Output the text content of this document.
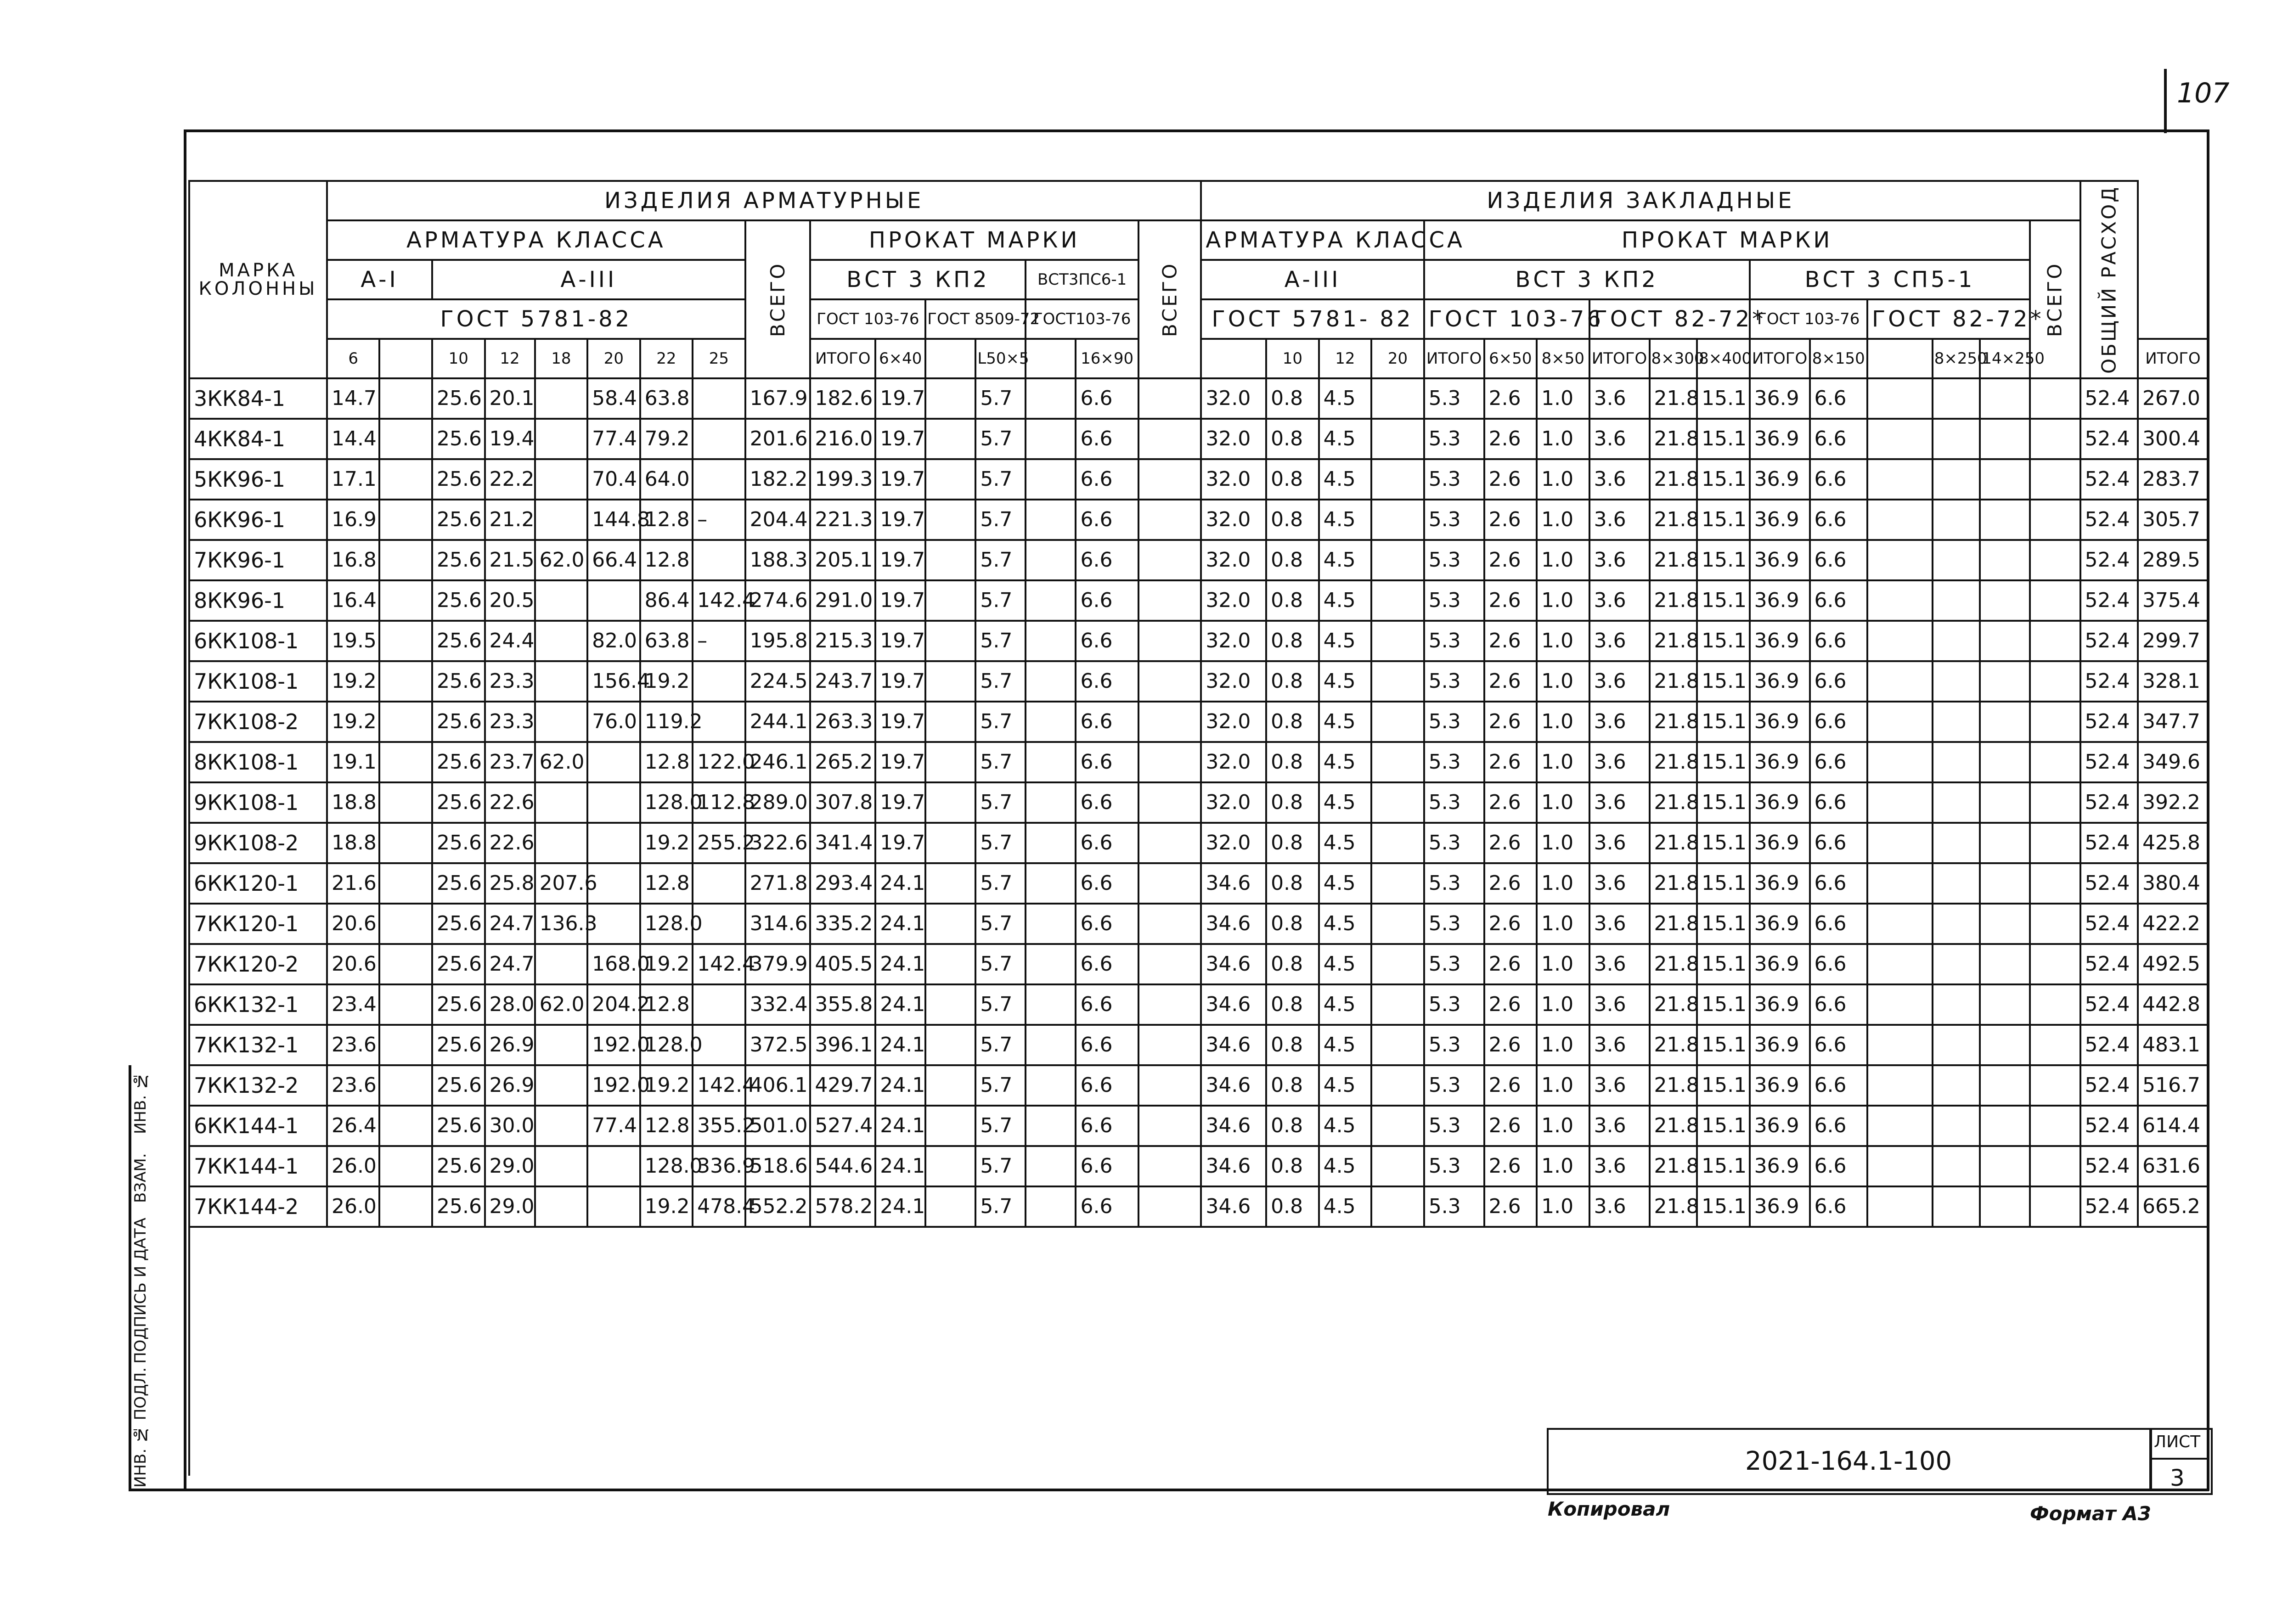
107
ИНВ. № ПОДЛ.
ПОДПИСЬ И ДАТА
ВЗАМ.
ИНВ. №
МАРКА КОЛОННЫ	ИЗДЕЛИЯ АРМАТУРНЫЕ																ИЗДЕЛИЯ ЗАКЛАДНЫЕ																ОБЩИЙ РАСХОД	
	АРМАТУРА КЛАССА								ВСЕГО	ПРОКАТ МАРКИ						ВСЕГО	АРМАТУРА КЛАССА				ПРОКАТ МАРКИ											ВСЕГО		
	А-I		А-III							ВСТ 3 КП2				ВСТ3ПС6-1			А-III				ВСТ 3 КП2						ВСТ 3 СП5-1							
	ГОСТ 5781-82									ГОСТ 103-76		ГОСТ 8509-72		ГОСТ103-76			ГОСТ 5781- 82				ГОСТ 103-76			ГОСТ 82-72*			ГОСТ 103-76		ГОСТ 82-72*					
	6		10	12	18	20	22	25		ИТОГО	6×40		L50×5		16×90			10	12	20	ИТОГО	6×50	8×50	ИТОГО	8×300	8×400	ИТОГО	8×150		8×250	14×250			ИТОГО
3КК84-1	14.7		25.6	20.1		58.4	63.8		167.9	182.6	19.7		5.7		6.6		32.0	0.8	4.5		5.3	2.6	1.0	3.6	21.8	15.1	36.9	6.6					52.4	267.0
4КК84-1	14.4		25.6	19.4		77.4	79.2		201.6	216.0	19.7		5.7		6.6		32.0	0.8	4.5		5.3	2.6	1.0	3.6	21.8	15.1	36.9	6.6					52.4	300.4
5КК96-1	17.1		25.6	22.2		70.4	64.0		182.2	199.3	19.7		5.7		6.6		32.0	0.8	4.5		5.3	2.6	1.0	3.6	21.8	15.1	36.9	6.6					52.4	283.7
6КК96-1	16.9		25.6	21.2		144.8	12.8	–	204.4	221.3	19.7		5.7		6.6		32.0	0.8	4.5		5.3	2.6	1.0	3.6	21.8	15.1	36.9	6.6					52.4	305.7
7КК96-1	16.8		25.6	21.5	62.0	66.4	12.8		188.3	205.1	19.7		5.7		6.6		32.0	0.8	4.5		5.3	2.6	1.0	3.6	21.8	15.1	36.9	6.6					52.4	289.5
8КК96-1	16.4		25.6	20.5			86.4	142.4	274.6	291.0	19.7		5.7		6.6		32.0	0.8	4.5		5.3	2.6	1.0	3.6	21.8	15.1	36.9	6.6					52.4	375.4
6КК108-1	19.5		25.6	24.4		82.0	63.8	–	195.8	215.3	19.7		5.7		6.6		32.0	0.8	4.5		5.3	2.6	1.0	3.6	21.8	15.1	36.9	6.6					52.4	299.7
7КК108-1	19.2		25.6	23.3		156.4	19.2		224.5	243.7	19.7		5.7		6.6		32.0	0.8	4.5		5.3	2.6	1.0	3.6	21.8	15.1	36.9	6.6					52.4	328.1
7КК108-2	19.2		25.6	23.3		76.0	119.2		244.1	263.3	19.7		5.7		6.6		32.0	0.8	4.5		5.3	2.6	1.0	3.6	21.8	15.1	36.9	6.6					52.4	347.7
8КК108-1	19.1		25.6	23.7	62.0		12.8	122.0	246.1	265.2	19.7		5.7		6.6		32.0	0.8	4.5		5.3	2.6	1.0	3.6	21.8	15.1	36.9	6.6					52.4	349.6
9КК108-1	18.8		25.6	22.6			128.0	112.8	289.0	307.8	19.7		5.7		6.6		32.0	0.8	4.5		5.3	2.6	1.0	3.6	21.8	15.1	36.9	6.6					52.4	392.2
9КК108-2	18.8		25.6	22.6			19.2	255.2	322.6	341.4	19.7		5.7		6.6		32.0	0.8	4.5		5.3	2.6	1.0	3.6	21.8	15.1	36.9	6.6					52.4	425.8
6КК120-1	21.6		25.6	25.8	207.6		12.8		271.8	293.4	24.1		5.7		6.6		34.6	0.8	4.5		5.3	2.6	1.0	3.6	21.8	15.1	36.9	6.6					52.4	380.4
7КК120-1	20.6		25.6	24.7	136.3		128.0		314.6	335.2	24.1		5.7		6.6		34.6	0.8	4.5		5.3	2.6	1.0	3.6	21.8	15.1	36.9	6.6					52.4	422.2
7КК120-2	20.6		25.6	24.7		168.0	19.2	142.4	379.9	405.5	24.1		5.7		6.6		34.6	0.8	4.5		5.3	2.6	1.0	3.6	21.8	15.1	36.9	6.6					52.4	492.5
6КК132-1	23.4		25.6	28.0	62.0	204.2	12.8		332.4	355.8	24.1		5.7		6.6		34.6	0.8	4.5		5.3	2.6	1.0	3.6	21.8	15.1	36.9	6.6					52.4	442.8
7КК132-1	23.6		25.6	26.9		192.0	128.0		372.5	396.1	24.1		5.7		6.6		34.6	0.8	4.5		5.3	2.6	1.0	3.6	21.8	15.1	36.9	6.6					52.4	483.1
7КК132-2	23.6		25.6	26.9		192.0	19.2	142.4	406.1	429.7	24.1		5.7		6.6		34.6	0.8	4.5		5.3	2.6	1.0	3.6	21.8	15.1	36.9	6.6					52.4	516.7
6КК144-1	26.4		25.6	30.0		77.4	12.8	355.2	501.0	527.4	24.1		5.7		6.6		34.6	0.8	4.5		5.3	2.6	1.0	3.6	21.8	15.1	36.9	6.6					52.4	614.4
7КК144-1	26.0		25.6	29.0			128.0	336.9	518.6	544.6	24.1		5.7		6.6		34.6	0.8	4.5		5.3	2.6	1.0	3.6	21.8	15.1	36.9	6.6					52.4	631.6
7КК144-2	26.0		25.6	29.0			19.2	478.4	552.2	578.2	24.1		5.7		6.6		34.6	0.8	4.5		5.3	2.6	1.0	3.6	21.8	15.1	36.9	6.6					52.4	665.2

2021-164.1-100
ЛИСТ
3
Копировал	Формат А3
